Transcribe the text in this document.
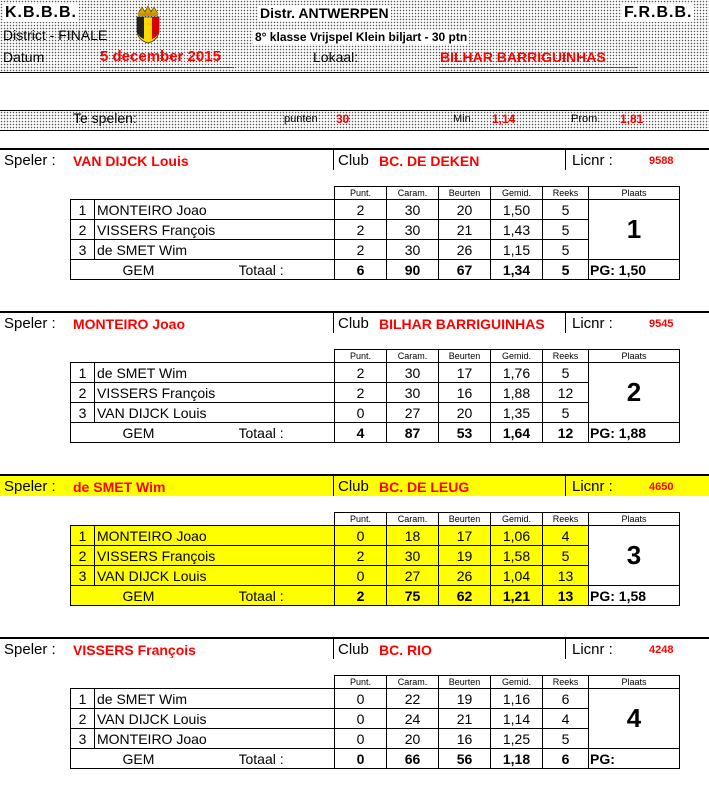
K.B.B.B.	Distr. ANTWERPEN	F.R.B.B.
District - FINALE	8° klasse Vrijspel Klein biljart - 30 ptn
Datum	5 december 2015	Lokaal:	BILHAR BARRIGUINHAS
Te spelen:	punten 30	Min. 1,14	Prom. 1,81
Speler : VAN DIJCK Louis	Club BC. DE DEKEN	Licnr :	9588
			Punt.	Caram.	Beurten	Gemid.	Reeks	Plaats
1	MONTEIRO Joao		2	30	20	1,50	5	1
2	VISSERS François		2	30	21	1,43	5	
3	de SMET Wim		2	30	26	1,15	5	
	GEM	Totaal :	6	90	67	1,34	5	PG: 1,50
Speler : MONTEIRO Joao	Club BILHAR BARRIGUINHAS Licnr :	9545
			Punt.	Caram.	Beurten	Gemid.	Reeks	Plaats
1	de SMET Wim		2	30	17	1,76	5	2
2	VISSERS François		2	30	16	1,88	12	
3	VAN DIJCK Louis		0	27	20	1,35	5	
	GEM	Totaal :	4	87	53	1,64	12	PG: 1,88
Speler : de SMET Wim	Club BC. DE LEUG	Licnr :	4650
			Punt.	Caram.	Beurten	Gemid.	Reeks	Plaats
1	MONTEIRO Joao		0	18	17	1,06	4	3
2	VISSERS François		2	30	19	1,58	5	
3	VAN DIJCK Louis		0	27	26	1,04	13	
	GEM	Totaal :	2	75	62	1,21	13	PG: 1,58
Speler : VISSERS François	Club BC. RIO	Licnr :	4248
			Punt.	Caram.	Beurten	Gemid.	Reeks	Plaats
1	de SMET Wim		0	22	19	1,16	6	4
2	VAN DIJCK Louis		0	24	21	1,14	4	
3	MONTEIRO Joao		0	20	16	1,25	5	
	GEM	Totaal :	0	66	56	1,18	6	PG:
